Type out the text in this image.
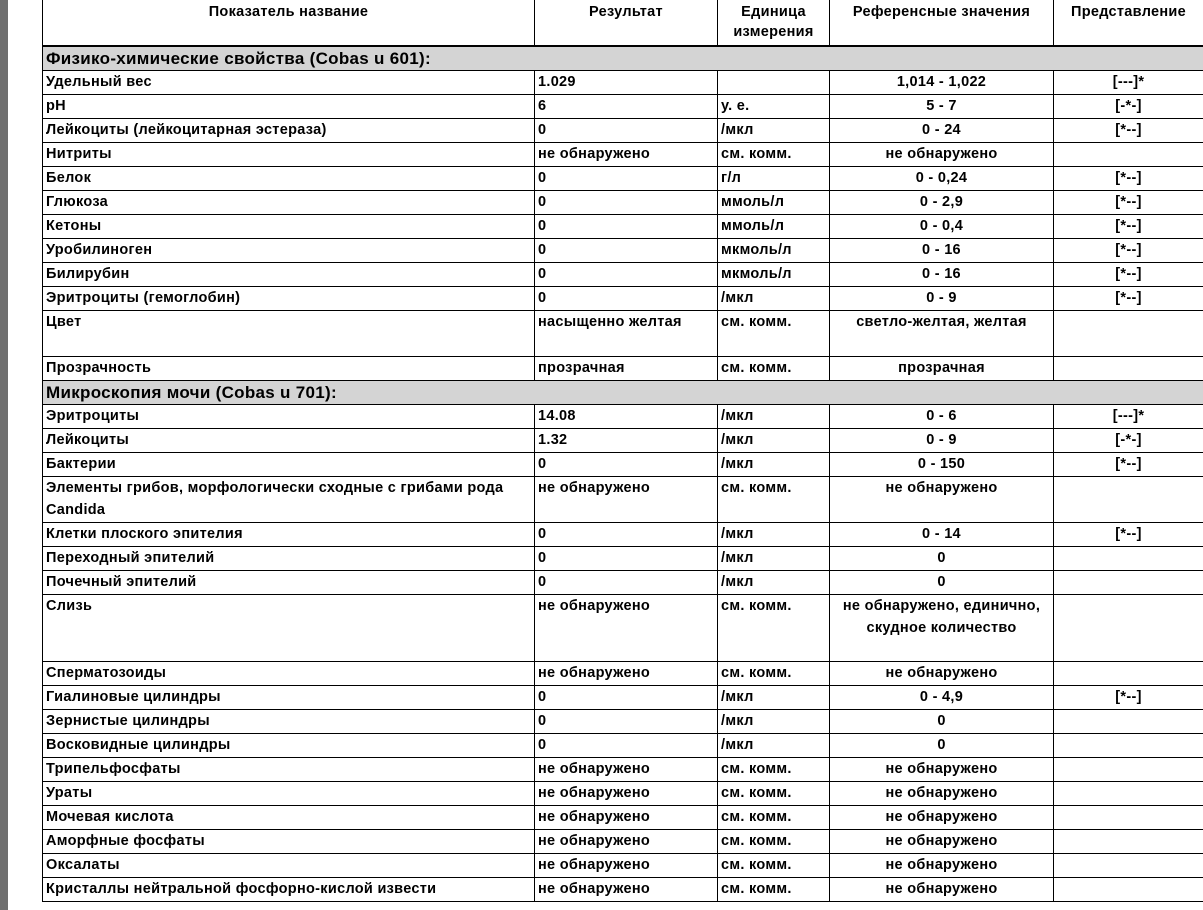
Показатель название	Результат	Единица измерения	Референсные значения	Представление
Физико-химические свойства (Cobas u 601):				
Удельный вес	1.029		1,014 - 1,022	[---]*
pH	6	у. е.	5 - 7	[-*-]
Лейкоциты (лейкоцитарная эстераза)	0	/мкл	0 - 24	[*--]
Нитриты	не обнаружено	см. комм.	не обнаружено	
Белок	0	г/л	0 - 0,24	[*--]
Глюкоза	0	ммоль/л	0 - 2,9	[*--]
Кетоны	0	ммоль/л	0 - 0,4	[*--]
Уробилиноген	0	мкмоль/л	0 - 16	[*--]
Билирубин	0	мкмоль/л	0 - 16	[*--]
Эритроциты (гемоглобин)	0	/мкл	0 - 9	[*--]
Цвет	насыщенно желтая	см. комм.	светло-желтая, желтая	
Прозрачность	прозрачная	см. комм.	прозрачная	
Микроскопия мочи (Cobas u 701):				
Эритроциты	14.08	/мкл	0 - 6	[---]*
Лейкоциты	1.32	/мкл	0 - 9	[-*-]
Бактерии	0	/мкл	0 - 150	[*--]
Элементы грибов, морфологически сходные с грибами рода Candida	не обнаружено	см. комм.	не обнаружено	
Клетки плоского эпителия	0	/мкл	0 - 14	[*--]
Переходный эпителий	0	/мкл	0	
Почечный эпителий	0	/мкл	0	
Слизь	не обнаружено	см. комм.	не обнаружено, единично, скудное количество	
Сперматозоиды	не обнаружено	см. комм.	не обнаружено	
Гиалиновые цилиндры	0	/мкл	0 - 4,9	[*--]
Зернистые цилиндры	0	/мкл	0	
Восковидные цилиндры	0	/мкл	0	
Трипельфосфаты	не обнаружено	см. комм.	не обнаружено	
Ураты	не обнаружено	см. комм.	не обнаружено	
Мочевая кислота	не обнаружено	см. комм.	не обнаружено	
Аморфные фосфаты	не обнаружено	см. комм.	не обнаружено	
Оксалаты	не обнаружено	см. комм.	не обнаружено	
Кристаллы нейтральной фосфорно-кислой извести	не обнаружено	см. комм.	не обнаружено	
